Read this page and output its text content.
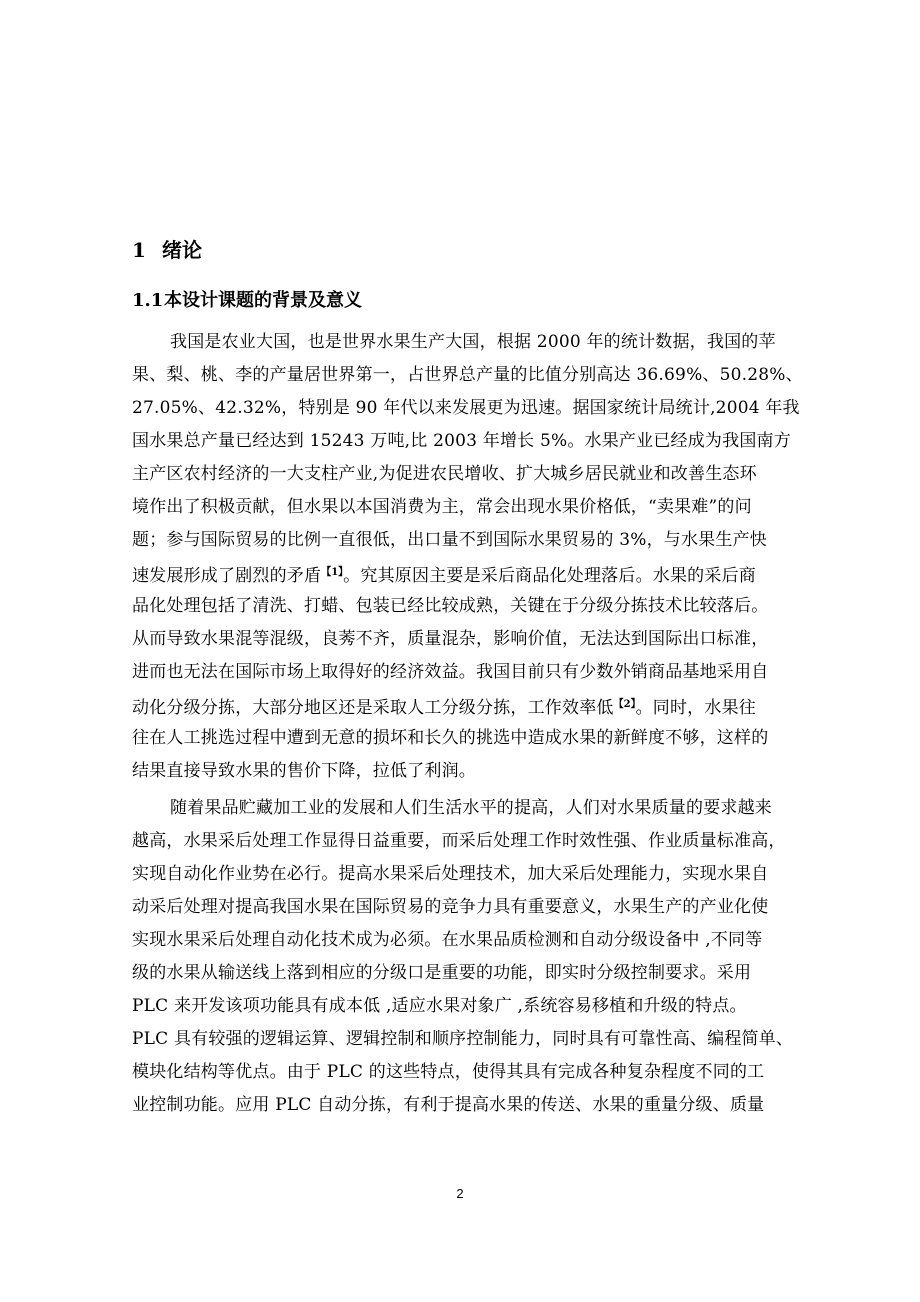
1 绪论
1.1本设计课题的背景及意义
我国是农业大国，也是世界水果生产大国，根据 2000 年的统计数据，我国的苹
果、梨、桃、李的产量居世界第一，占世界总产量的比值分别高达 36.69%、50.28%、
27.05%、42.32%，特别是 90 年代以来发展更为迅速。据国家统计局统计,2004 年我
国水果总产量已经达到 15243 万吨,比 2003 年增长 5%。水果产业已经成为我国南方
主产区农村经济的一大支柱产业,为促进农民增收、扩大城乡居民就业和改善生态环
境作出了积极贡献，但水果以本国消费为主，常会出现水果价格低，“卖果难”的问
题；参与国际贸易的比例一直很低，出口量不到国际水果贸易的 3%，与水果生产快
速发展形成了剧烈的矛盾$^{【1】}$。究其原因主要是采后商品化处理落后。水果的采后商
品化处理包括了清洗、打蜡、包装已经比较成熟，关键在于分级分拣技术比较落后。
从而导致水果混等混级，良莠不齐，质量混杂，影响价值，无法达到国际出口标准，
进而也无法在国际市场上取得好的经济效益。我国目前只有少数外销商品基地采用自
动化分级分拣，大部分地区还是采取人工分级分拣，工作效率低$^{【2】}$。同时，水果往
往在人工挑选过程中遭到无意的损坏和长久的挑选中造成水果的新鲜度不够，这样的
结果直接导致水果的售价下降，拉低了利润。
随着果品贮藏加工业的发展和人们生活水平的提高，人们对水果质量的要求越来
越高，水果采后处理工作显得日益重要，而采后处理工作时效性强、作业质量标准高，
实现自动化作业势在必行。提高水果采后处理技术，加大采后处理能力，实现水果自
动采后处理对提高我国水果在国际贸易的竞争力具有重要意义，水果生产的产业化使
实现水果采后处理自动化技术成为必须。在水果品质检测和自动分级设备中 ,不同等
级的水果从输送线上落到相应的分级口是重要的功能，即实时分级控制要求。采用
PLC 来开发该项功能具有成本低 ,适应水果对象广 ,系统容易移植和升级的特点。
PLC 具有较强的逻辑运算、逻辑控制和顺序控制能力，同时具有可靠性高、编程简单、
模块化结构等优点。由于 PLC 的这些特点，使得其具有完成各种复杂程度不同的工
业控制功能。应用 PLC 自动分拣，有利于提高水果的传送、水果的重量分级、质量
2
